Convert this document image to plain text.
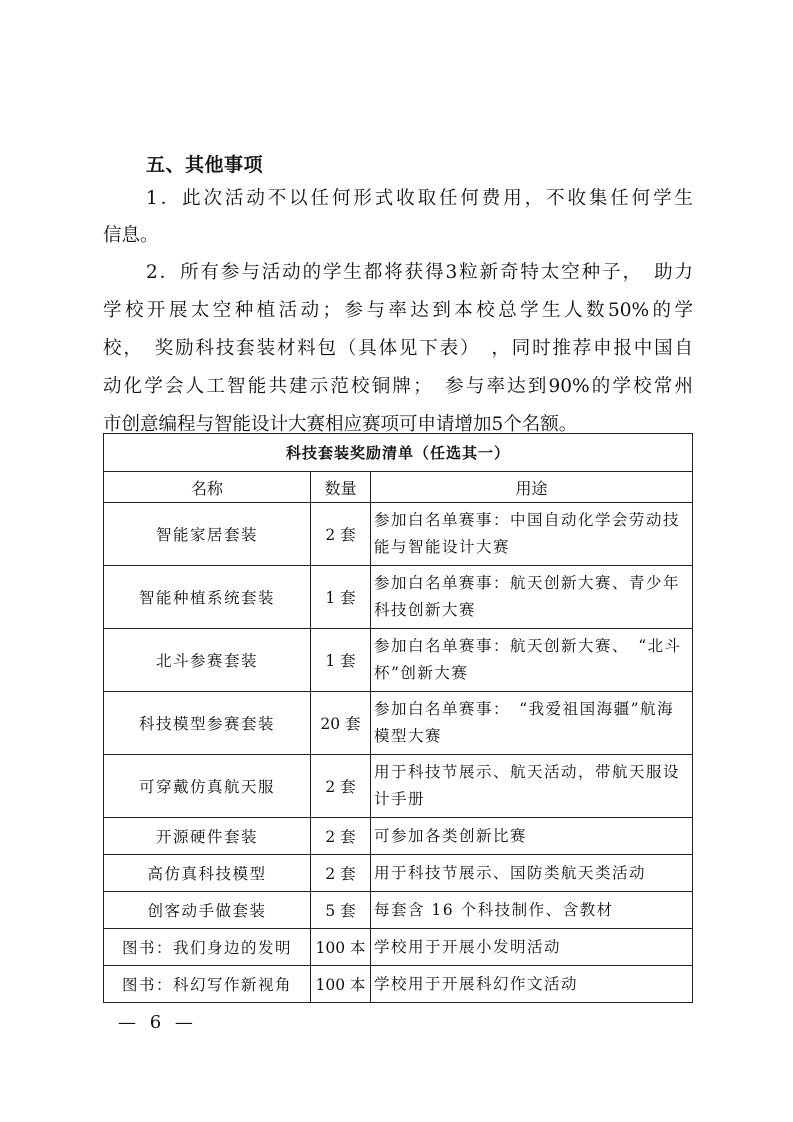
五、其他事项
1．此次活动不以任何形式收取任何费用，不收集任何学生
信息。
2．所有参与活动的学生都将获得3粒新奇特太空种子，　助力
学校开展太空种植活动；参与率达到本校总学生人数50%的学
校，　奖励科技套装材料包（具体见下表）　，同时推荐申报中国自
动化学会人工智能共建示范校铜牌；　参与率达到90%的学校常州
市创意编程与智能设计大赛相应赛项可申请增加5个名额。
科技套装奖励清单（任选其一）		
名称	数量	用途
智能家居套装	2 套	参加白名单赛事：中国自动化学会劳动技能与智能设计大赛
智能种植系统套装	1 套	参加白名单赛事：航天创新大赛、青少年科技创新大赛
北斗参赛套装	1 套	参加白名单赛事：航天创新大赛、　“北斗杯”创新大赛
科技模型参赛套装	20 套	参加白名单赛事：　“我爱祖国海疆”航海模型大赛
可穿戴仿真航天服	2 套	用于科技节展示、航天活动，带航天服设计手册
开源硬件套装	2 套	可参加各类创新比赛
高仿真科技模型	2 套	用于科技节展示、国防类航天类活动
创客动手做套装	5 套	每套含 16 个科技制作、含教材
图书：我们身边的发明	100 本	学校用于开展小发明活动
图书：科幻写作新视角	100 本	学校用于开展科幻作文活动
— 6 —
